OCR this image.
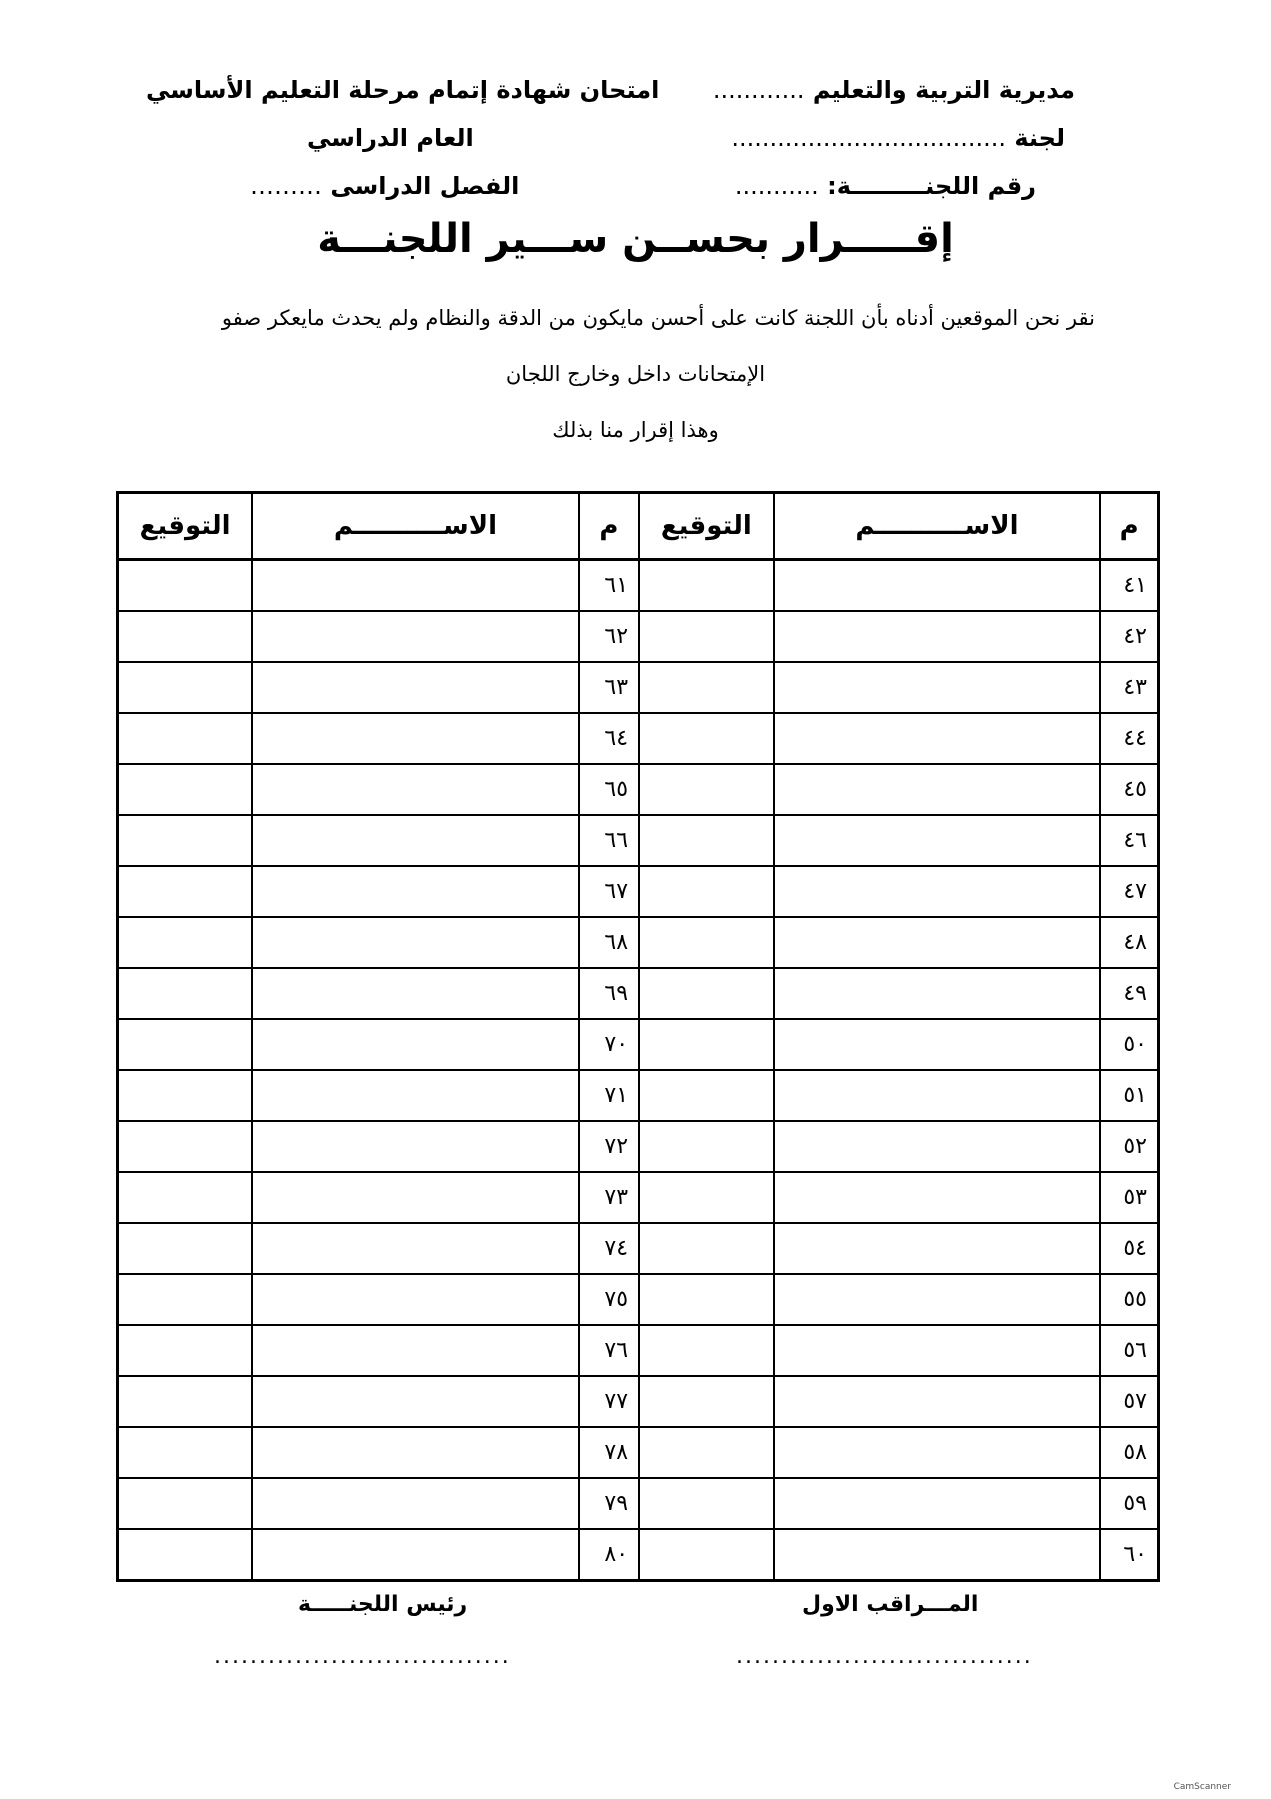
مديرية التربية والتعليم ............
لجنة ....................................
رقم اللجنـــــــــة: ...........
امتحان شهادة إتمام مرحلة التعليم الأساسي
العام الدراسي
الفصل الدراسى ………
إقـــــرار بحســن ســـير اللجنـــة
نقر نحن الموقعين أدناه بأن اللجنة كانت على أحسن مايكون من الدقة والنظام ولم يحدث مايعكر صفو
الإمتحانات داخل وخارج اللجان
وهذا إقرار منا بذلك
م	الاســــــــــم	التوقيع	م	الاســــــــــم	التوقيع
٤١			٦١		
٤٢			٦٢		
٤٣			٦٣		
٤٤			٦٤		
٤٥			٦٥		
٤٦			٦٦		
٤٧			٦٧		
٤٨			٦٨		
٤٩			٦٩		
٥٠			٧٠		
٥١			٧١		
٥٢			٧٢		
٥٣			٧٣		
٥٤			٧٤		
٥٥			٧٥		
٥٦			٧٦		
٥٧			٧٧		
٥٨			٧٨		
٥٩			٧٩		
٦٠			٨٠		
المـــراقب الاول
رئيس اللجنـــــة
.................................
.................................
CamScanner
